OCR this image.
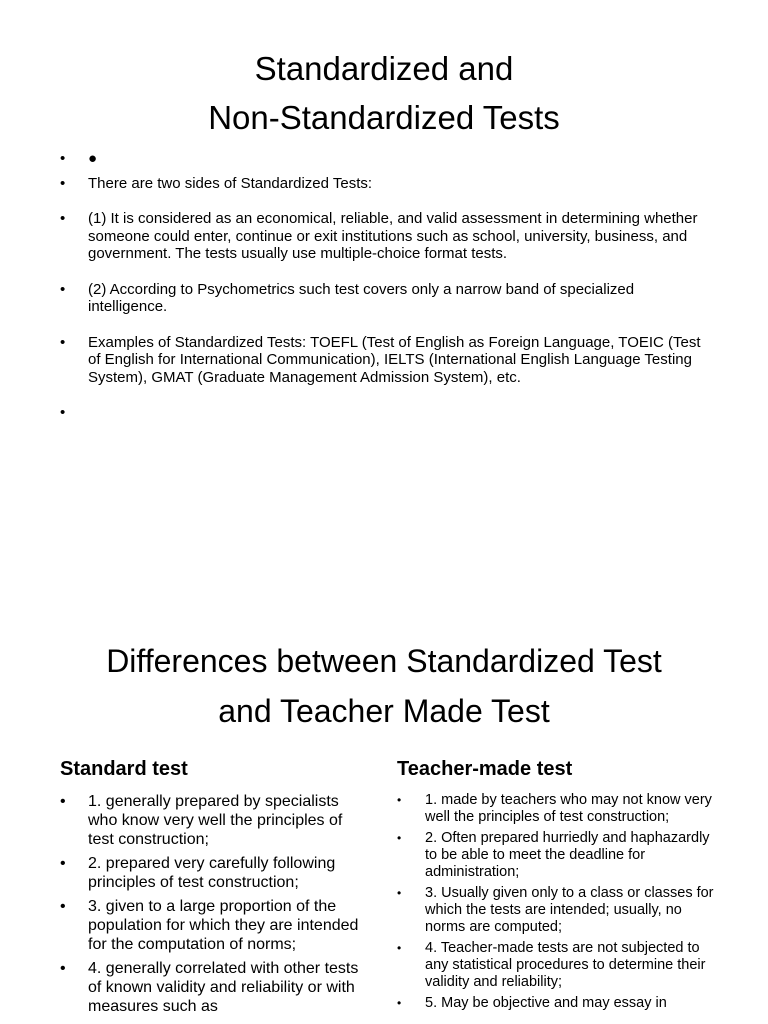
Standardized and
Non-Standardized Tests
• ●
• There are two sides of Standardized Tests:
• (1) It is considered as an economical, reliable, and valid assessment in determining whether someone could enter, continue or exit institutions such as school, university, business, and government. The tests usually use multiple-choice format tests.
• (2) According to Psychometrics such test covers only a narrow band of specialized intelligence.
• Examples of Standardized Tests: TOEFL (Test of English as Foreign Language, TOEIC (Test of English for International Communication), IELTS (International English Language Testing System), GMAT (Graduate Management Admission System), etc.
•
Differences between Standardized Test
and Teacher Made Test
Standard test	Teacher-made test
• 1. generally prepared by specialists who know very well the principles of test construction;
• 2. prepared very carefully following principles of test construction;
• 3. given to a large proportion of the population for which they are intended for the computation of norms;
• 4. generally correlated with other tests of known validity and reliability or with measures such as
• 1. made by teachers who may not know very well the principles of test construction;
• 2. Often prepared hurriedly and haphazardly to be able to meet the deadline for administration;
• 3. Usually given only to a class or classes for which the tests are intended; usually, no norms are computed;
• 4. Teacher-made tests are not subjected to any statistical procedures to determine their validity and reliability;
• 5. May be objective and may essay in
